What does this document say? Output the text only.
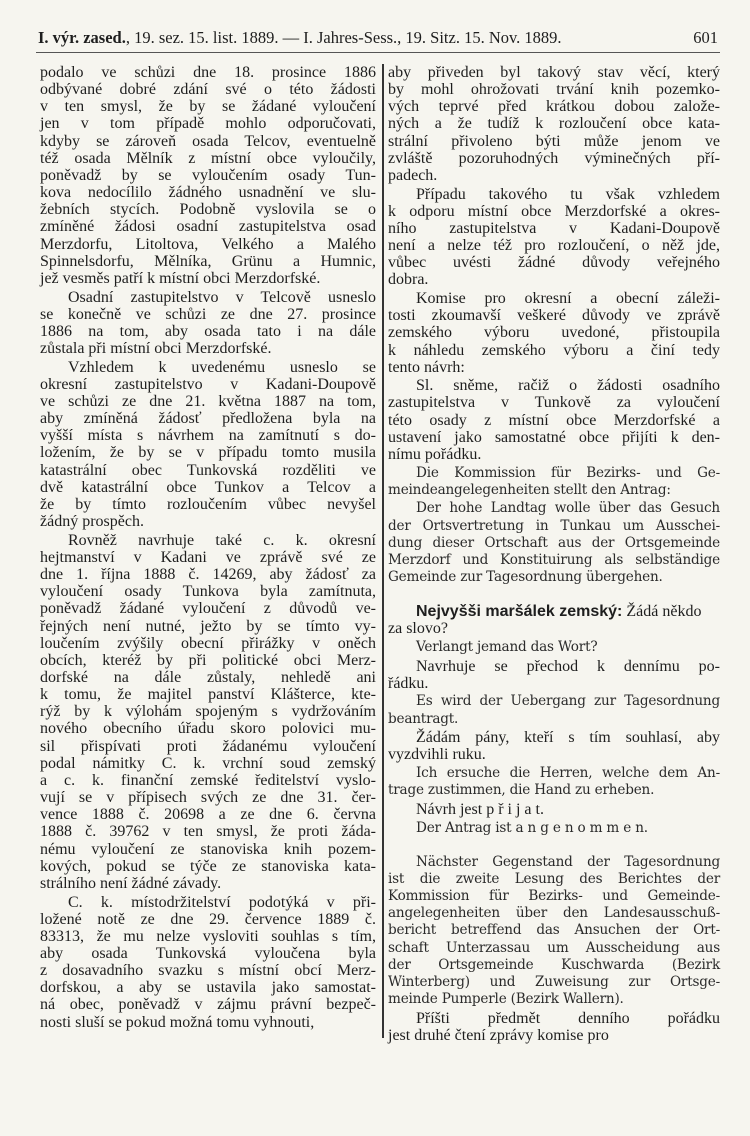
I. výr. zased., 19. sez. 15. list. 1889. — I. Jahres-Sess., 19. Sitz. 15. Nov. 1889.	601
podalo ve schůzi dne 18. prosince 1886
odbývané dobré zdání své o této žádosti
v ten smysl, že by se žádané vyloučení
jen v tom případě mohlo odporučovati,
kdyby se zároveň osada Telcov, eventuelně
též osada Mělník z místní obce vyloučily,
poněvadž by se vyloučením osady Tun-
kova nedocílilo žádného usnadnění ve slu-
žebních stycích. Podobně vyslovila se o
zmíněné žádosi osadní zastupitelstva osad
Merzdorfu, Litoltova, Velkého a Malého
Spinnelsdorfu, Mělníka, Grünu a Humnic,
jež vesměs patří k místní obci Merzdorfské.
Osadní zastupitelstvo v Telcově usneslo
se konečně ve schůzi ze dne 27. prosince
1886 na tom, aby osada tato i na dále
zůstala při místní obci Merzdorfské.
Vzhledem k uvedenému usneslo se
okresní zastupitelstvo v Kadani-Doupově
ve schůzi ze dne 21. května 1887 na tom,
aby zmíněná žádosť předložena byla na
vyšší místa s návrhem na zamítnutí s do-
ložením, že by se v případu tomto musila
katastrální obec Tunkovská rozděliti ve
dvě katastrální obce Tunkov a Telcov a
že by tímto rozloučením vůbec nevyšel
žádný prospěch.
Rovněž navrhuje také c. k. okresní
hejtmanství v Kadani ve zprávě své ze
dne 1. října 1888 č. 14269, aby žádosť za
vyloučení osady Tunkova byla zamítnuta,
poněvadž žádané vyloučení z důvodů ve-
řejných není nutné, ježto by se tímto vy-
loučením zvýšily obecní přirážky v oněch
obcích, kteréž by při politické obci Merz-
dorfské na dále zůstaly, nehledě ani
k tomu, že majitel panství Klášterce, kte-
rýž by k výlohám spojeným s vydržováním
nového obecního úřadu skoro polovici mu-
sil přispívati proti žádanému vyloučení
podal námitky C. k. vrchní soud zemský
a c. k. finanční zemské ředitelství vyslo-
vují se v přípisech svých ze dne 31. čer-
vence 1888 č. 20698 a ze dne 6. června
1888 č. 39762 v ten smysl, že proti žáda-
nému vyloučení ze stanoviska knih pozem-
kových, pokud se týče ze stanoviska kata-
strálního není žádné závady.
C. k. místodržitelství podotýká v při-
ložené notě ze dne 29. července 1889 č.
83313, že mu nelze vysloviti souhlas s tím,
aby osada Tunkovská vyloučena byla
z dosavadního svazku s místní obcí Merz-
dorfskou, a aby se ustavila jako samostat-
ná obec, poněvadž v zájmu právní bezpeč-
nosti sluší se pokud možná tomu vyhnouti,
aby přiveden byl takový stav věcí, který
by mohl ohrožovati trvání knih pozemko-
vých teprvé před krátkou dobou založe-
ných a že tudíž k rozloučení obce kata-
strální přivoleno býti může jenom ve
zvláště pozoruhodných výminečných pří-
padech.
Případu takového tu však vzhledem
k odporu místní obce Merzdorfské a okres-
ního zastupitelstva v Kadani-Doupově
není a nelze též pro rozloučení, o něž jde,
vůbec uvésti žádné důvody veřejného
dobra.
Komise pro okresní a obecní záleži-
tosti zkoumavší veškeré důvody ve zprávě
zemského výboru uvedoné, přistoupila
k náhledu zemského výboru a činí tedy
tento návrh:
Sl. sněme, račiž o žádosti osadního
zastupitelstva v Tunkově za vyloučení
této osady z místní obce Merzdorfské a
ustavení jako samostatné obce přijíti k den-
nímu pořádku.
Die Kommission für Bezirks- und Ge-
meindeangelegenheiten stellt den Antrag:
Der hohe Landtag wolle über das Gesuch
der Ortsvertretung in Tunkau um Ausschei-
dung dieser Ortschaft aus der Ortsgemeinde
Merzdorf und Konstituirung als selbständige
Gemeinde zur Tagesordnung übergehen.
Nejvyšši maršálek zemský: Žádá někdo
za slovo?
Verlangt jemand das Wort?
Navrhuje se přechod k dennímu po-
řádku.
Es wird der Uebergang zur Tagesordnung
beantragt.
Žádám pány, kteří s tím souhlasí, aby
vyzdvihli ruku.
Ich ersuche die Herren, welche dem An-
trage zustimmen, die Hand zu erheben.
Návrh jest p ř i j a t.
Der Antrag ist a n g e n o m m e n.
Nächster Gegenstand der Tagesordnung
ist die zweite Lesung des Berichtes der
Kommission für Bezirks- und Gemeinde-
angelegenheiten über den Landesausschuß-
bericht betreffend das Ansuchen der Ort-
schaft Unterzassau um Ausscheidung aus
der Ortsgemeinde Kuschwarda (Bezirk
Winterberg) und Zuweisung zur Ortsge-
meinde Pumperle (Bezirk Wallern).
Příšti předmět denního pořádku
jest druhé čtení zprávy komise pro
